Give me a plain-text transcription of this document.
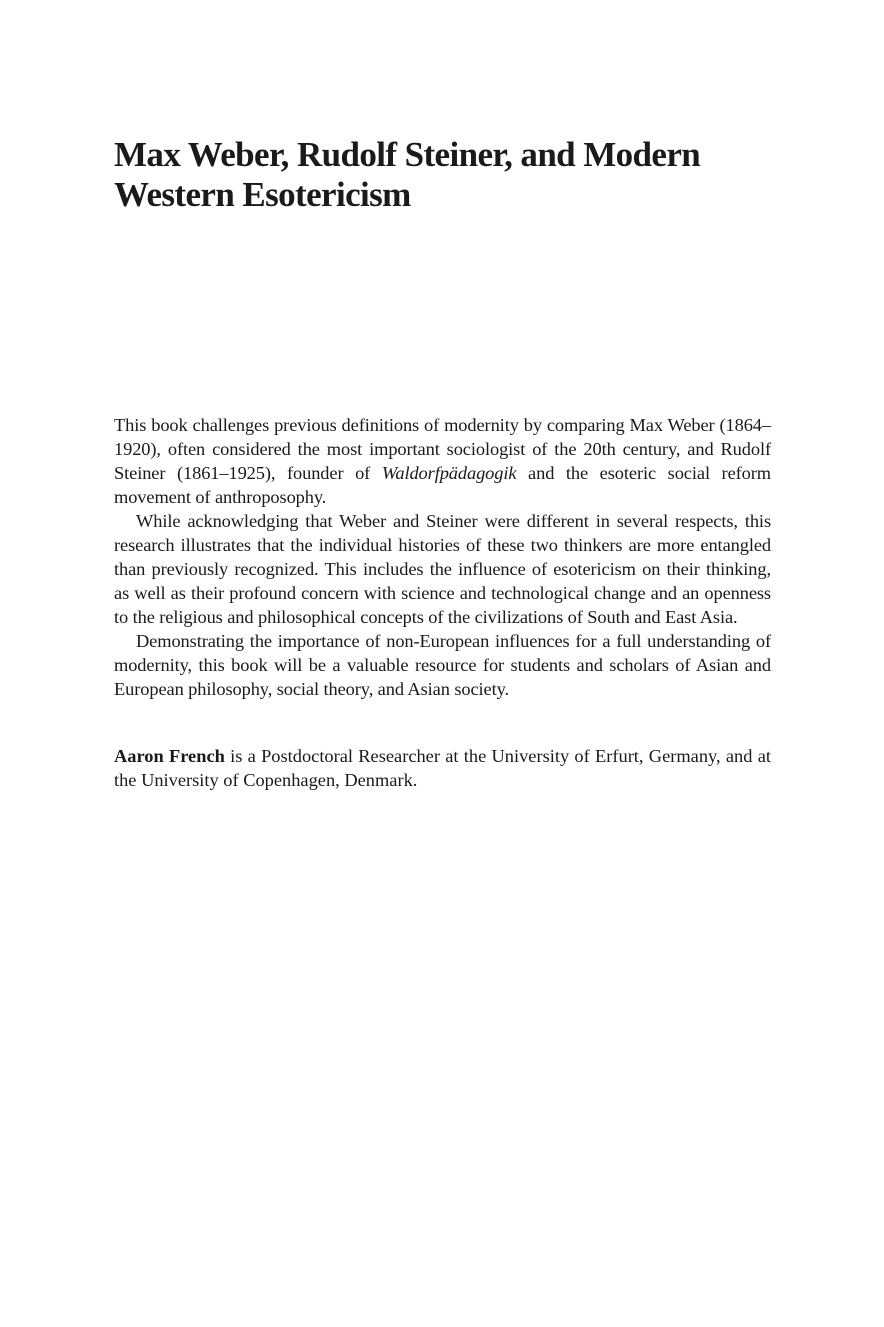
Max Weber, Rudolf Steiner, and Modern
Western Esotericism

This book challenges previous definitions of modernity by comparing Max Weber (1864–1920), often considered the most important sociologist of the 20th century, and Rudolf Steiner (1861–1925), founder of Waldorfpädagogik and the esoteric social reform movement of anthroposophy.

While acknowledging that Weber and Steiner were different in several respects, this research illustrates that the individual histories of these two thinkers are more entangled than previously recognized. This includes the influence of esotericism on their thinking, as well as their profound concern with science and technological change and an openness to the religious and philosophical concepts of the civilizations of South and East Asia.

Demonstrating the importance of non-European influences for a full understanding of modernity, this book will be a valuable resource for students and scholars of Asian and European philosophy, social theory, and Asian society.

Aaron French is a Postdoctoral Researcher at the University of Erfurt, Germany, and at the University of Copenhagen, Denmark.
